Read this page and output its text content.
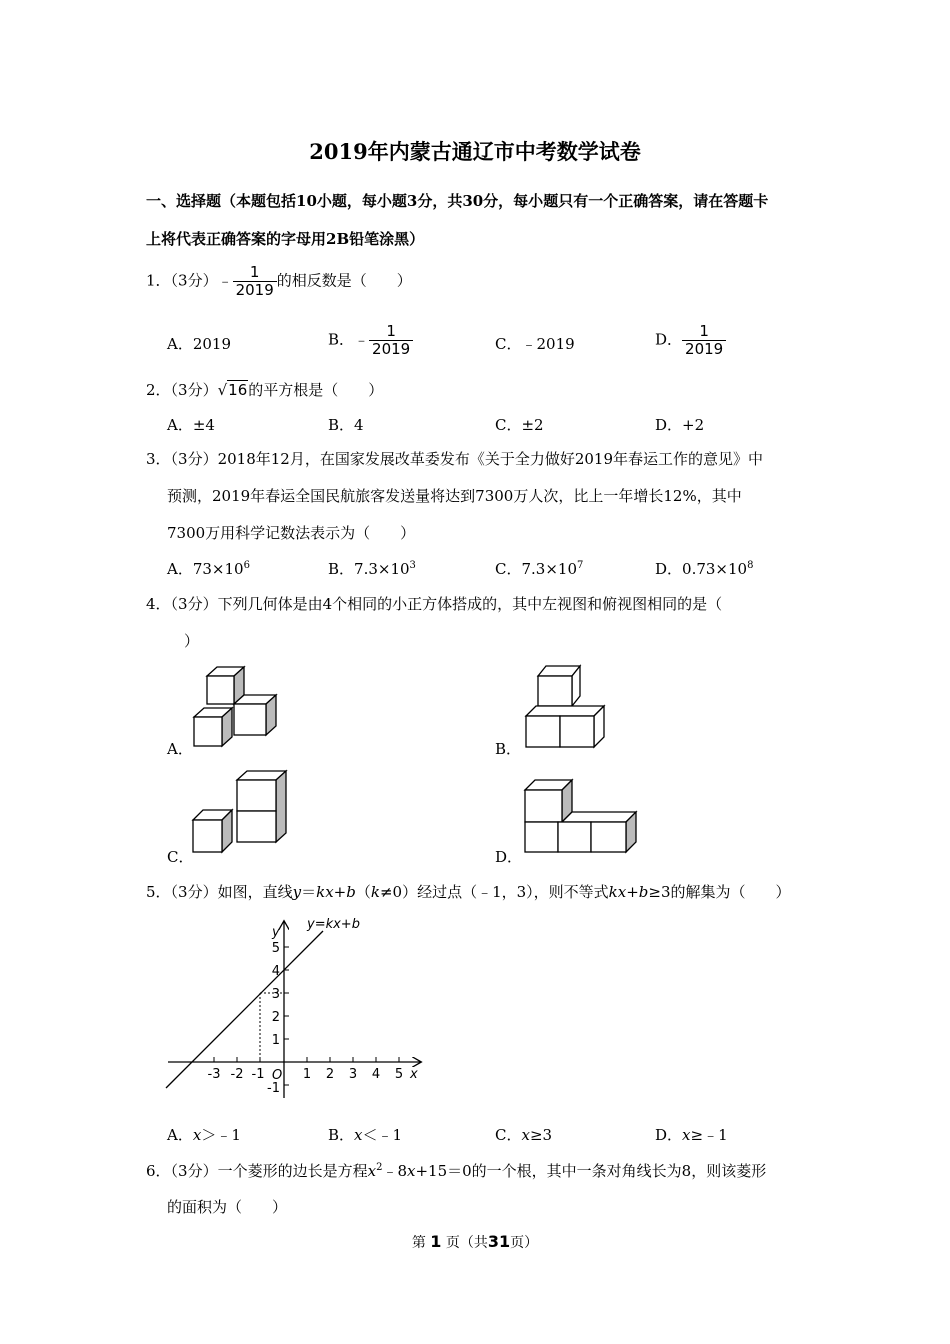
2019年内蒙古通辽市中考数学试卷
一、选择题（本题包括10小题，每小题3分，共30分，每小题只有一个正确答案，请在答题卡
上将代表正确答案的字母用2B铅笔涂黑）
1．（3分）﹣ $\frac{1}{2019}$ 的相反数是（　　）
A．2019	B．﹣ $\frac{1}{2019}$	C．﹣2019	D． $\frac{1}{2019}$
2．（3分）√16的平方根是（　　）
A．±4	B．4	C．±2	D．+2
3．（3分）2018年12月，在国家发展改革委发布《关于全力做好2019年春运工作的意见》中
预测，2019年春运全国民航旅客发送量将达到7300万人次，比上一年增长12%，其中
7300万用科学记数法表示为（　　）
A．$73\times 10^6$	B．$7.3\times 10^3$	C．$7.3\times 10^7$	D．$0.73\times 10^8$
4．（3分）下列几何体是由4个相同的小正方体搭成的，其中左视图和俯视图相同的是（
）
A．	B．
C．	D．
5．（3分）如图，直线y＝kx+b（k≠0）经过点（﹣1，3），则不等式kx+b≥3的解集为（　　）
y=kx+b
y
x
O
-3 -2 -1	1 2 3 4 5
5
4
3
2
1
-1
A．x＞﹣1	B．x＜﹣1	C．x≥3	D．x≥﹣1
6．（3分）一个菱形的边长是方程$x^2﹣8x+15=0$的一个根，其中一条对角线长为8，则该菱形
的面积为（　　）
第 1 页（共31页）
